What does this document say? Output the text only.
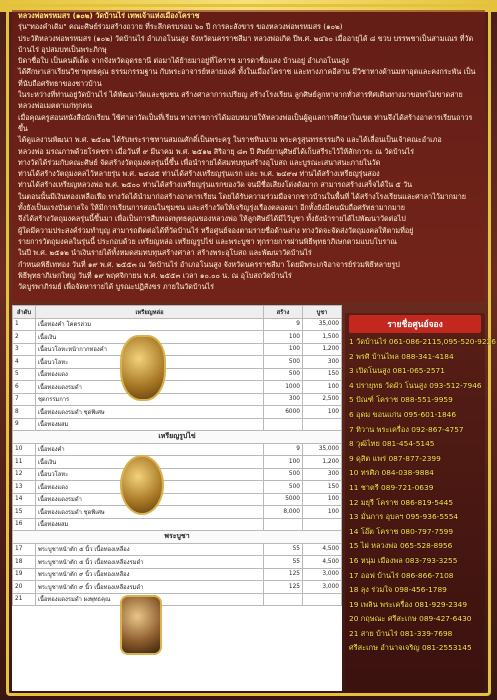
หลวงพ่อพรหมสร (๑๐๒) วัดบ้านไร่ เทพเจ้าแห่งเมืองโคราช

รุ่น"ทองคำเดิม" คณะศิษย์ร่วมสร้างถวาย ที่ระลึกครบรอบ ๖๐ ปี การละสังขาร ของหลวงพ่อพรหมสร (๑๐๒)

ประวัติหลวงพ่อพรหมสร (๑๐๒) วัดบ้านไร่ อำเภอโนนสูง จังหวัดนครราชสีมา หลวงพ่อเกิด ปีพ.ศ. ๒๔๖๐ เมื่ออายุได้ ๘ ขวบ บรรพชาเป็นสามเณร ที่วัดบ้านไร่ อุปสมบทเป็นพระภิกษุ

บิดาชื่อใบ เป็นคนดีเด็ด จากจังหวัดอุดรธานี ต่อมาได้ย้ายมาอยู่ที่โคราช มารดาชื่อแสง บ้านอยู่ อำเภอโนนสูง

ได้ศึกษาเล่าเรียนวิชาพุทธคุณ ธรรมกรรมฐาน กับพระอาจารย์หลายองค์ ทั้งในเมืองโคราช และทางภาคอีสาน มีวิชาทางด้านมหาอุดและคงกระพัน เป็นที่นับถือศรัทธาของชาวบ้าน

ในระหว่างที่ท่านอยู่วัดบ้านไร่ ได้พัฒนาวัดและชุมชน สร้างศาลาการเปรียญ สร้างโรงเรียน ลูกศิษย์ลูกหาจากทั่วสารทิศเดินทางมาขอพรไม่ขาดสาย หลวงพ่อเมตตาแก่ทุกคน

เมื่อคุณครูสอนหนังสือนักเรียน ใช้ศาลาวัดเป็นที่เรียน ทางราชการได้มอบหมายให้หลวงพ่อเป็นผู้ดูแลการศึกษาในเขต ท่านจึงได้สร้างอาคารเรียนถาวรขึ้น

ได้ดูแลงานพัฒนา พ.ศ. ๒๕๐๒ ได้รับพระราชทานสมณศักดิ์เป็นพระครู ในราชทินนาม พระครูสุนทรธรรมกิจ และได้เลื่อนเป็นเจ้าคณะอำเภอ

หลวงพ่อ มรณภาพด้วยโรคชรา เมื่อวันที่ ๙ มีนาคม พ.ศ. ๒๕๑๒ สิริอายุ ๘๓ ปี ศิษย์ยานุศิษย์ได้เก็บสรีระไว้ให้สักการะ ณ วัดบ้านไร่

ทางวัดได้ร่วมกับคณะศิษย์ จัดสร้างวัตถุมงคลรุ่นนี้ขึ้น เพื่อนำรายได้สมทบทุนสร้างอุโบสถ และบูรณะเสนาสนะภายในวัด

ท่านได้สร้างวัตถุมงคลไว้หลายรุ่น พ.ศ. ๒๔๘๕ ท่านได้สร้างเหรียญรุ่นแรก และ พ.ศ. ๒๔๙๗ ท่านได้สร้างเหรียญรุ่นสอง

ท่านได้สร้างเหรียญหลวงพ่อ พ.ศ. ๒๕๐๐ ท่านได้สร้างเหรียญรุ่นแรกของวัด จนมีชื่อเสียงโด่งดังมาก สามารถสร้างเสร็จได้ใน ๕ วัน

ในตอนนั้นมีเงินทองเหลือเฟือ ทางวัดได้นำมาก่อสร้างอาคารเรียน โดยได้รับความร่วมมือจากชาวบ้านในพื้นที่ ได้สร้างโรงเรียนและศาลาไว้มากมาย

ทั้งยังเป็นแรงบันดาลใจ ให้มีการเรียนการสอนในชุมชน และสร้างวัดให้เจริญรุ่งเรืองตลอดมา อีกทั้งยังมีคนนับถือศรัทธามากมาย

จึงได้สร้างวัตถุมงคลรุ่นนี้ขึ้นมา เพื่อเป็นการสืบทอดพุทธคุณของหลวงพ่อ ให้ลูกศิษย์ได้มีไว้บูชา ทั้งยังนำรายได้ไปพัฒนาวัดต่อไป

ผู้ใดมีความประสงค์ร่วมทำบุญ สามารถติดต่อได้ที่วัดบ้านไร่ หรือศูนย์จองตามรายชื่อด้านล่าง ทางวัดจะจัดส่งวัตถุมงคลให้ตามที่อยู่

รายการวัตถุมงคลในรุ่นนี้ ประกอบด้วย เหรียญหล่อ เหรียญรูปไข่ และพระบูชา ทุกรายการผ่านพิธีพุทธาภิเษกตามแบบโบราณ

ในปี พ.ศ. ๒๕๑๒ นำเงินรายได้ทั้งหมดสมทบทุนสร้างศาลา สร้างพระอุโบสถ และพัฒนาวัดบ้านไร่

กำหนดพิธีเททอง วันที่ ๑๙ พ.ศ. ๒๕๕๓ ณ วัดบ้านไร่ อำเภอโนนสูง จังหวัดนครราชสีมา โดยมีพระเกจิอาจารย์ร่วมพิธีหลายรูป

พิธีพุทธาภิเษกใหญ่ วันที่ ๑๙ พฤศจิกายน พ.ศ. ๒๕๕๓ เวลา ๑๐.๐๐ น. ณ อุโบสถวัดบ้านไร่

วัดบูรพาภิรมย์ เพื่อจัดหารายได้ บูรณะปฏิสังขร ภายในวัดบ้านไร่

ลำดับ	เหรียญหล่อ	สร้าง	บูชา
1	เนื้อทองคำ โคตรล่วม	9	35,000
2	เนื้อเงิน	100	1,500
3	เนื้อนวโลหะหน้ากากทองคำ	100	1,200
4	เนื้อนวโลหะ	500	300
5	เนื้อทองแดง	500	150
6	เนื้อทองแดงรมดำ	1000	100
7	ชุดกรรมการ	300	2,500
8	เนื้อทองแดงรมดำ ชุดพิเศษ	6000	100
9	เนื้อทองผสม		
เหรียญรูปไข่			
10	เนื้อทองคำ	9	35,000
11	เนื้อเงิน	100	1,200
12	เนื้อนวโลหะ	500	300
13	เนื้อทองแดง	500	150
14	เนื้อทองแดงรมดำ	5000	100
15	เนื้อทองแดงรมดำ ชุดพิเศษ	8,000	100
16	เนื้อทองผสม		
พระบูชา			
17	พระบูชาหน้าตัก ๕ นิ้ว เนื้อทองเหลือง	55	4,500
18	พระบูชาหน้าตัก ๕ นิ้ว เนื้อทองเหลืองรมดำ	55	4,500
19	พระบูชาหน้าตัก ๙ นิ้ว เนื้อทองเหลือง	125	3,000
20	พระบูชาหน้าตัก ๙ นิ้ว เนื้อทองเหลืองรมดำ	125	3,000
21	เนื้อทองแดงรมดำ ผงพุทธคุณ		
รายชื่อศูนย์จอง
1 วัดบ้านไร่ 061-086-2115,095-520-9226
2 พรศิ บ้านไพล 088-341-4184
3 เปิดโนนสูง 081-065-2571
4 ปรายุทธ วัดผัว โนนสูง 093-512-7946
5 ปัณฑ์ โคราช 088-551-9959
6 อุดม ขอนแก่น 095-601-1846
7 ทิวาน พระเครื่อง 092-867-4757
8 วุฒิไทย 081-454-5145
9 ดุสิต แพร่ 087-877-2399
10 ทรศิภ 084-038-9884
11 ชาตรี 089-721-0639
12 มยุรี โคราช 086-819-5445
13 มั่นการ อุบลฯ 095-936-5554
14 โอ๊ต โคราช 080-797-7599
15 ไผ่ หลวงพ่อ 065-528-8956
16 หนุ่ม เมืองพล 083-793-3255
17 ออฟ บ้านไร่ 086-866-7108
18 ลุง ร่วมใจ 098-456-1789
19 เพลิน พระเครื่อง 081-929-2349
20 กฤษณะ ศรีสะเกษ 089-427-6430
21 สาย บ้านไร่ 081-339-7698
ศรีสะเกษ อำนาจเจริญ 081-2553145
